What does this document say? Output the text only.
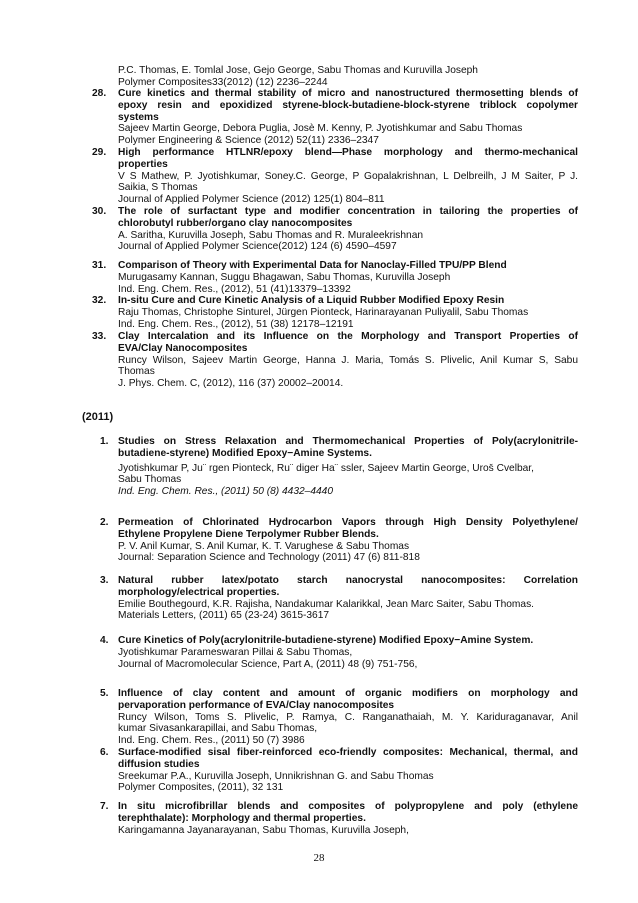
P.C. Thomas, E. Tomlal Jose, Gejo George, Sabu Thomas and Kuruvilla Joseph
Polymer Composites33(2012) (12) 2236–2244
28. Cure kinetics and thermal stability of micro and nanostructured thermosetting blends of
epoxy resin and epoxidized styrene-block-butadiene-block-styrene triblock copolymer
systems
Sajeev Martin George, Debora Puglia, Josè M. Kenny, P. Jyotishkumar and Sabu Thomas
Polymer Engineering & Science (2012) 52(11) 2336–2347
29. High performance HTLNR/epoxy blend—Phase morphology and thermo-mechanical
properties
V S Mathew, P. Jyotishkumar, Soney.C. George, P Gopalakrishnan, L Delbreilh, J M Saiter, P J.
Saikia, S Thomas
Journal of Applied Polymer Science (2012) 125(1) 804–811
30. The role of surfactant type and modifier concentration in tailoring the properties of
chlorobutyl rubber/organo clay nanocomposites
A. Saritha, Kuruvilla Joseph, Sabu Thomas and R. Muraleekrishnan
Journal of Applied Polymer Science(2012) 124 (6) 4590–4597
31. Comparison of Theory with Experimental Data for Nanoclay-Filled TPU/PP Blend
Murugasamy Kannan, Suggu Bhagawan, Sabu Thomas, Kuruvilla Joseph
Ind. Eng. Chem. Res., (2012), 51 (41)13379–13392
32. In-situ Cure and Cure Kinetic Analysis of a Liquid Rubber Modified Epoxy Resin
Raju Thomas, Christophe Sinturel, Jürgen Pionteck, Harinarayanan Puliyalil, Sabu Thomas
Ind. Eng. Chem. Res., (2012), 51 (38) 12178–12191
33. Clay Intercalation and its Influence on the Morphology and Transport Properties of
EVA/Clay Nanocomposites
Runcy Wilson, Sajeev Martin George, Hanna J. Maria, Tomás S. Plivelic, Anil Kumar S, Sabu
Thomas
J. Phys. Chem. C, (2012), 116 (37) 20002–20014.
(2011)
1. Studies on Stress Relaxation and Thermomechanical Properties of Poly(acrylonitrile-
butadiene-styrene) Modified Epoxy−Amine Systems.
Jyotishkumar P, Ju¨ rgen Pionteck, Ru¨ diger Ha¨ ssler, Sajeev Martin George, Uros̆ Cvelbar,
Sabu Thomas
Ind. Eng. Chem. Res., (2011) 50 (8) 4432–4440
2. Permeation of Chlorinated Hydrocarbon Vapors through High Density Polyethylene/
Ethylene Propylene Diene Terpolymer Rubber Blends.
P. V. Anil Kumar, S. Anil Kumar, K. T. Varughese & Sabu Thomas
Journal: Separation Science and Technology (2011) 47 (6) 811-818
3. Natural rubber latex/potato starch nanocrystal nanocomposites: Correlation
morphology/electrical properties.
Emilie Bouthegourd, K.R. Rajisha, Nandakumar Kalarikkal, Jean Marc Saiter, Sabu Thomas.
Materials Letters, (2011) 65 (23-24) 3615-3617
4. Cure Kinetics of Poly(acrylonitrile-butadiene-styrene) Modified Epoxy−Amine System.
Jyotishkumar Parameswaran Pillai & Sabu Thomas,
Journal of Macromolecular Science, Part A, (2011) 48 (9) 751-756,
5. Influence of clay content and amount of organic modifiers on morphology and
pervaporation performance of EVA/Clay nanocomposites
Runcy Wilson, Toms S. Plivelic, P. Ramya, C. Ranganathaiah, M. Y. Kariduraganavar, Anil
kumar Sivasankarapillai, and Sabu Thomas,
Ind. Eng. Chem. Res., (2011) 50 (7) 3986
6. Surface-modified sisal fiber-reinforced eco-friendly composites: Mechanical, thermal, and
diffusion studies
Sreekumar P.A., Kuruvilla Joseph, Unnikrishnan G. and Sabu Thomas
Polymer Composites, (2011), 32 131
7. In situ microfibrillar blends and composites of polypropylene and poly (ethylene
terephthalate): Morphology and thermal properties.
Karingamanna Jayanarayanan, Sabu Thomas, Kuruvilla Joseph,
28
